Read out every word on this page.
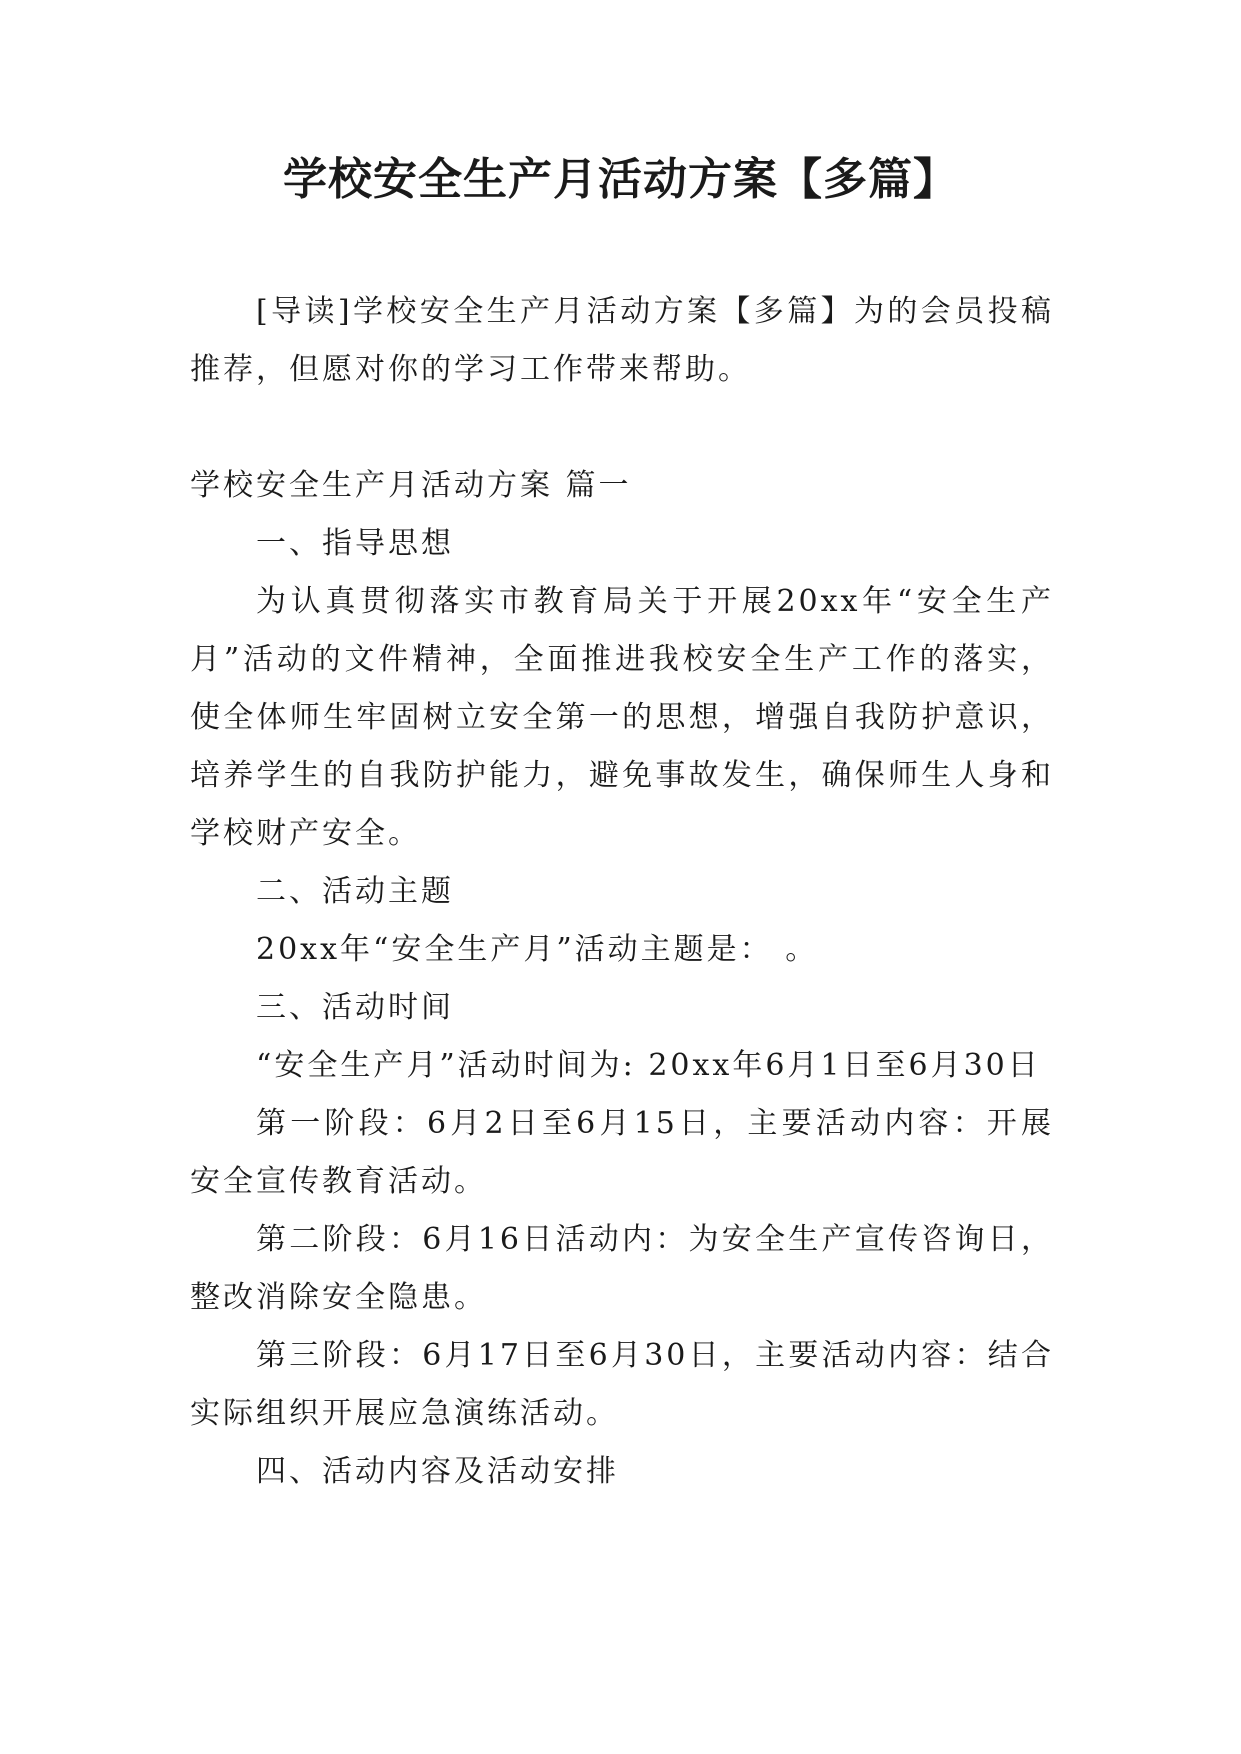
学校安全生产月活动方案【多篇】

[导读]学校安全生产月活动方案【多篇】为的会员投稿推荐，但愿对你的学习工作带来帮助。

学校安全生产月活动方案 篇一

一、指导思想

为认真贯彻落实市教育局关于开展20xx年“安全生产月”活动的文件精神，全面推进我校安全生产工作的落实，使全体师生牢固树立安全第一的思想，增强自我防护意识，培养学生的自我防护能力，避免事故发生，确保师生人身和学校财产安全。

二、活动主题

20xx年“安全生产月”活动主题是： 。

三、活动时间

“安全生产月”活动时间为: 20xx年6月1日至6月30日

第一阶段：6月2日至6月15日，主要活动内容：开展安全宣传教育活动。

第二阶段：6月16日活动内：为安全生产宣传咨询日，整改消除安全隐患。

第三阶段：6月17日至6月30日，主要活动内容：结合实际组织开展应急演练活动。

四、活动内容及活动安排
